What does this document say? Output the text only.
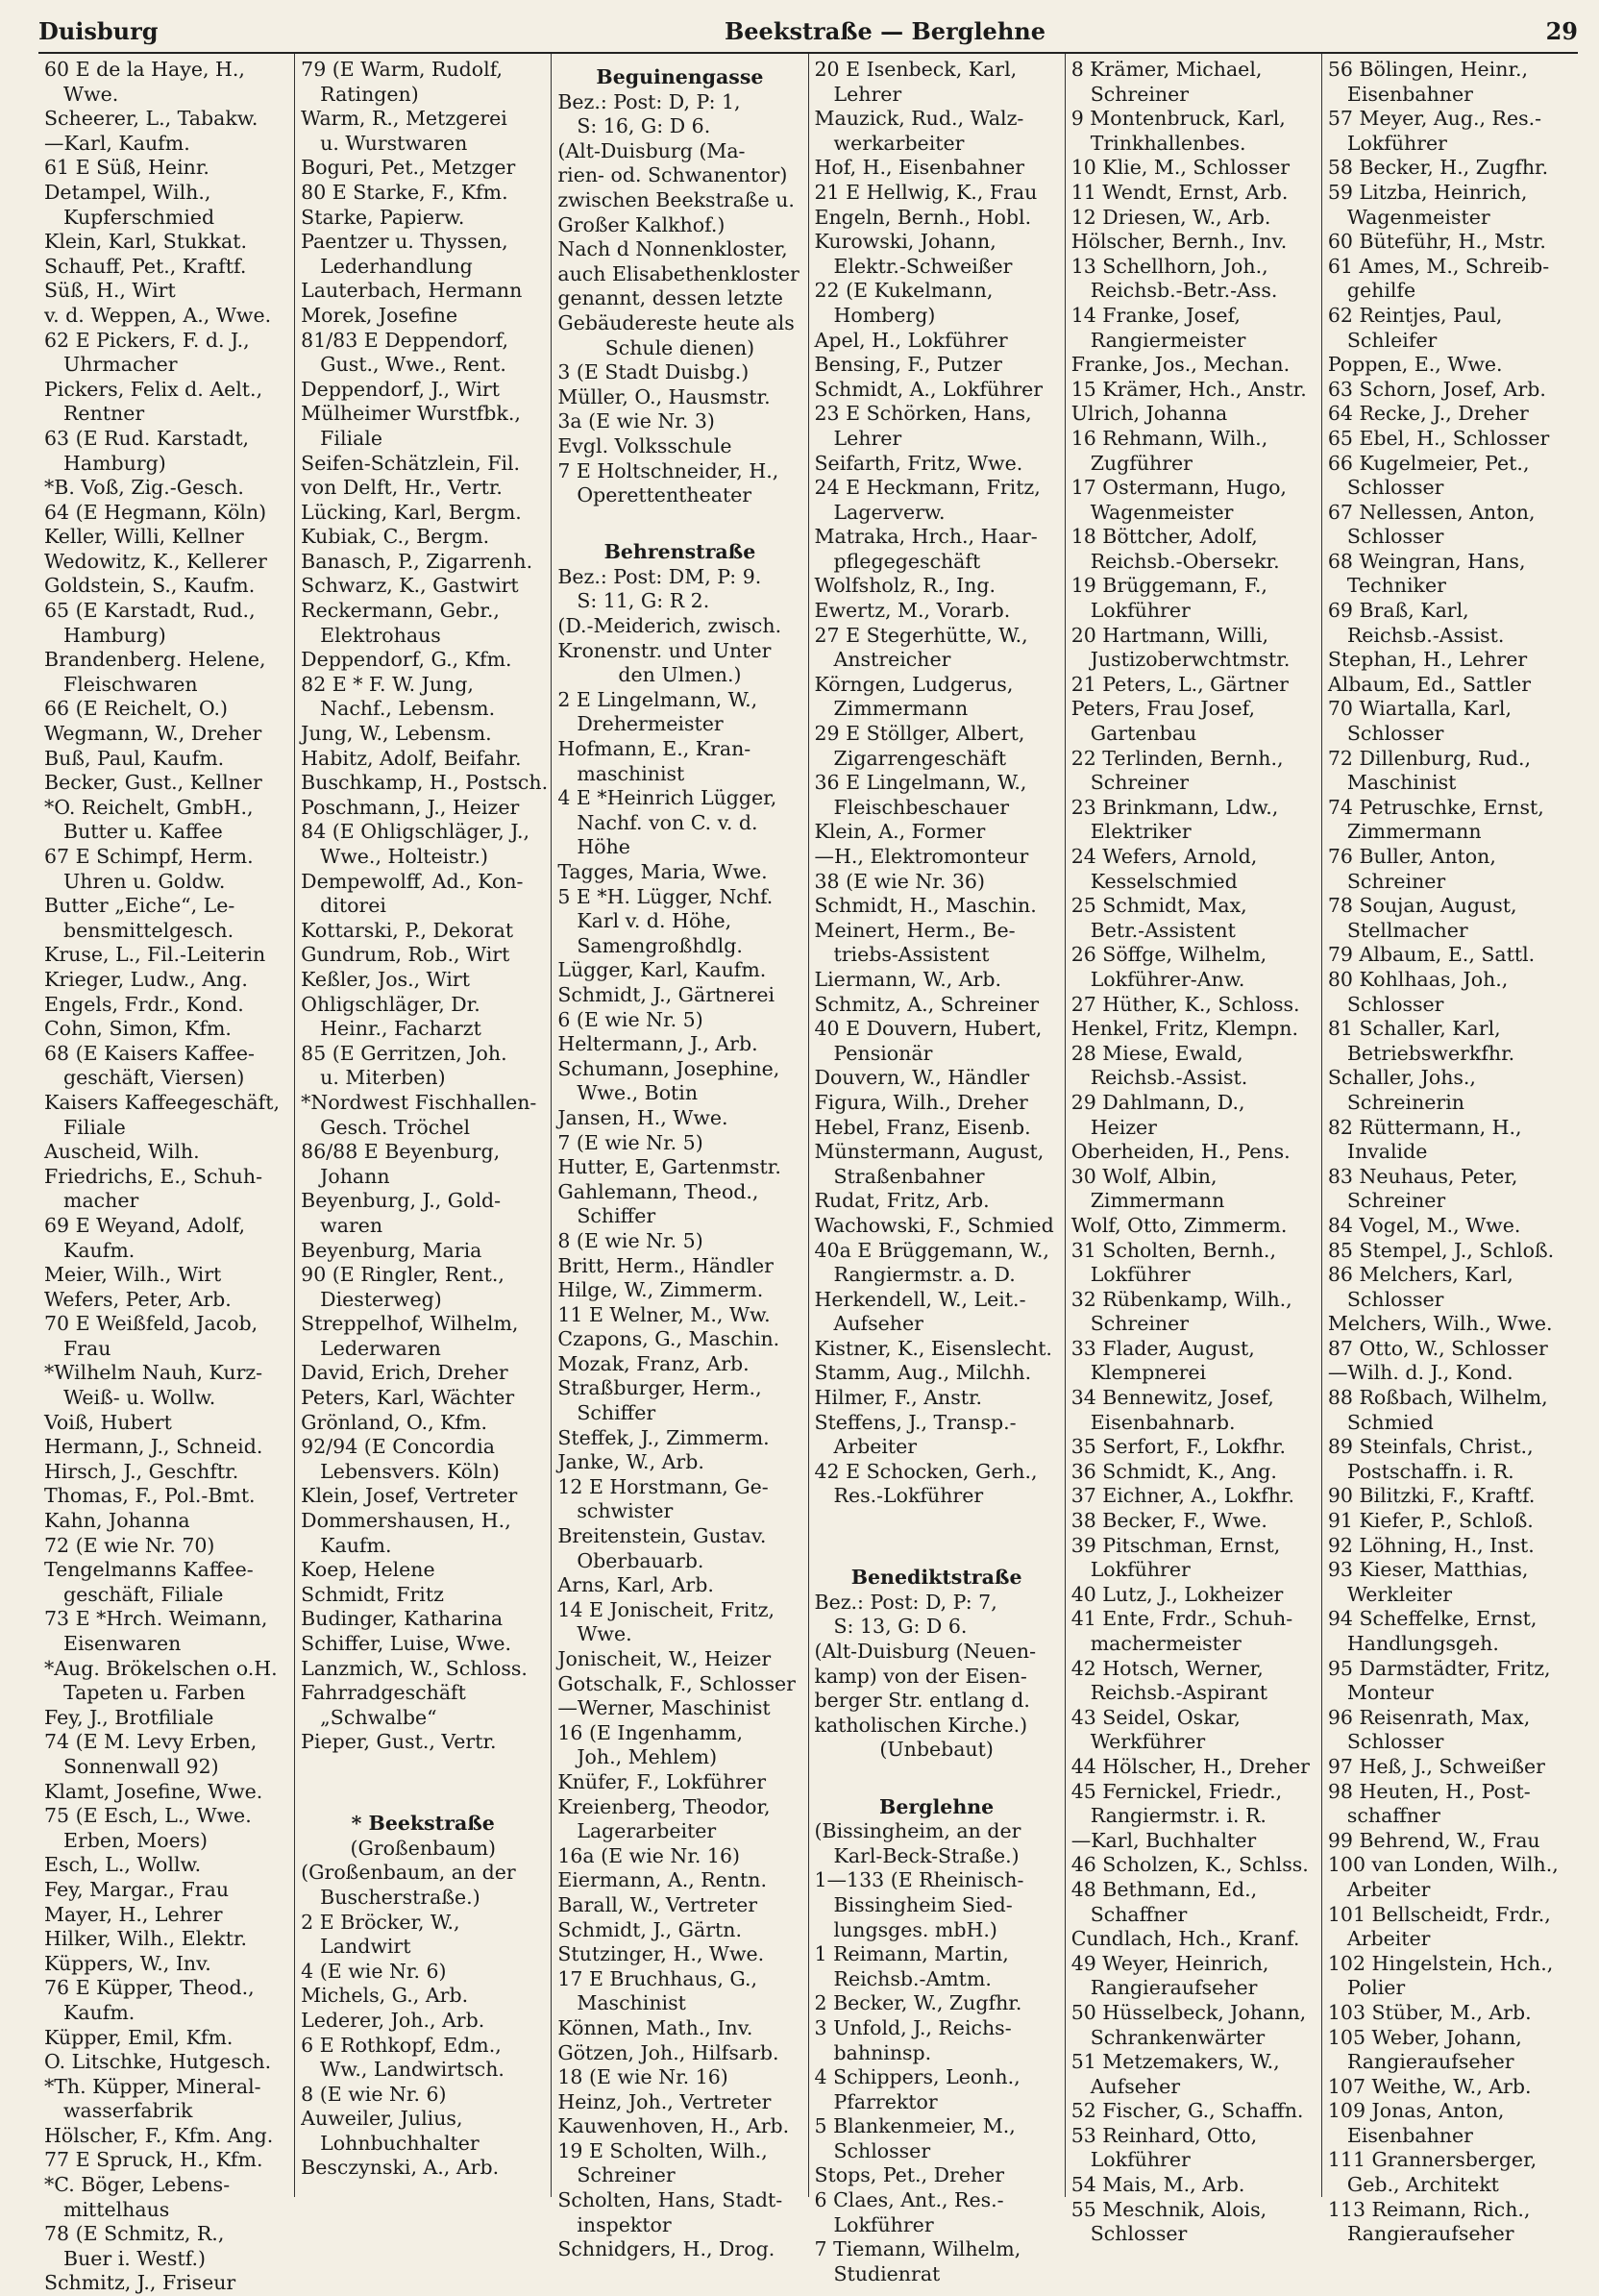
Duisburg	Beekstraße — Berglehne	29
60 E de la Haye, H.,
Wwe.
Scheerer, L., Tabakw.
—Karl, Kaufm.
61 E Süß, Heinr.
Detampel, Wilh.,
Kupferschmied
Klein, Karl, Stukkat.
Schauff, Pet., Kraftf.
Süß, H., Wirt
v. d. Weppen, A., Wwe.
62 E Pickers, F. d. J.,
Uhrmacher
Pickers, Felix d. Aelt.,
Rentner
63 (E Rud. Karstadt,
Hamburg)
*B. Voß, Zig.-Gesch.
64 (E Hegmann, Köln)
Keller, Willi, Kellner
Wedowitz, K., Kellerer
Goldstein, S., Kaufm.
65 (E Karstadt, Rud.,
Hamburg)
Brandenberg. Helene,
Fleischwaren
66 (E Reichelt, O.)
Wegmann, W., Dreher
Buß, Paul, Kaufm.
Becker, Gust., Kellner
*O. Reichelt, GmbH.,
Butter u. Kaffee
67 E Schimpf, Herm.
Uhren u. Goldw.
Butter „Eiche“, Le-
bensmittelgesch.
Kruse, L., Fil.-Leiterin
Krieger, Ludw., Ang.
Engels, Frdr., Kond.
Cohn, Simon, Kfm.
68 (E Kaisers Kaffee-
geschäft, Viersen)
Kaisers Kaffeegeschäft,
Filiale
Auscheid, Wilh.
Friedrichs, E., Schuh-
macher
69 E Weyand, Adolf,
Kaufm.
Meier, Wilh., Wirt
Wefers, Peter, Arb.
70 E Weißfeld, Jacob,
Frau
*Wilhelm Nauh, Kurz-
Weiß- u. Wollw.
Voiß, Hubert
Hermann, J., Schneid.
Hirsch, J., Geschftr.
Thomas, F., Pol.-Bmt.
Kahn, Johanna
72 (E wie Nr. 70)
Tengelmanns Kaffee-
geschäft, Filiale
73 E *Hrch. Weimann,
Eisenwaren
*Aug. Brökelschen o.H.
Tapeten u. Farben
Fey, J., Brotfiliale
74 (E M. Levy Erben,
Sonnenwall 92)
Klamt, Josefine, Wwe.
75 (E Esch, L., Wwe.
Erben, Moers)
Esch, L., Wollw.
Fey, Margar., Frau
Mayer, H., Lehrer
Hilker, Wilh., Elektr.
Küppers, W., Inv.
76 E Küpper, Theod.,
Kaufm.
Küpper, Emil, Kfm.
O. Litschke, Hutgesch.
*Th. Küpper, Mineral-
wasserfabrik
Hölscher, F., Kfm. Ang.
77 E Spruck, H., Kfm.
*C. Böger, Lebens-
mittelhaus
78 (E Schmitz, R.,
Buer i. Westf.)
Schmitz, J., Friseur
79 (E Warm, Rudolf,
Ratingen)
Warm, R., Metzgerei
u. Wurstwaren
Boguri, Pet., Metzger
80 E Starke, F., Kfm.
Starke, Papierw.
Paentzer u. Thyssen,
Lederhandlung
Lauterbach, Hermann
Morek, Josefine
81/83 E Deppendorf,
Gust., Wwe., Rent.
Deppendorf, J., Wirt
Mülheimer Wurstfbk.,
Filiale
Seifen-Schätzlein, Fil.
von Delft, Hr., Vertr.
Lücking, Karl, Bergm.
Kubiak, C., Bergm.
Banasch, P., Zigarrenh.
Schwarz, K., Gastwirt
Reckermann, Gebr.,
Elektrohaus
Deppendorf, G., Kfm.
82 E * F. W. Jung,
Nachf., Lebensm.
Jung, W., Lebensm.
Habitz, Adolf, Beifahr.
Buschkamp, H., Postsch.
Poschmann, J., Heizer
84 (E Ohligschläger, J.,
Wwe., Holteistr.)
Dempewolff, Ad., Kon-
ditorei
Kottarski, P., Dekorat
Gundrum, Rob., Wirt
Keßler, Jos., Wirt
Ohligschläger, Dr.
Heinr., Facharzt
85 (E Gerritzen, Joh.
u. Miterben)
*Nordwest Fischhallen-
Gesch. Tröchel
86/88 E Beyenburg,
Johann
Beyenburg, J., Gold-
waren
Beyenburg, Maria
90 (E Ringler, Rent.,
Diesterweg)
Streppelhof, Wilhelm,
Lederwaren
David, Erich, Dreher
Peters, Karl, Wächter
Grönland, O., Kfm.
92/94 (E Concordia
Lebensvers. Köln)
Klein, Josef, Vertreter
Dommershausen, H.,
Kaufm.
Koep, Helene
Schmidt, Fritz
Budinger, Katharina
Schiffer, Luise, Wwe.
Lanzmich, W., Schloss.
Fahrradgeschäft
„Schwalbe“
Pieper, Gust., Vertr.

* Beekstraße
(Großenbaum)
(Großenbaum, an der
Buscherstraße.)
2 E Bröcker, W.,
Landwirt
4 (E wie Nr. 6)
Michels, G., Arb.
Lederer, Joh., Arb.
6 E Rothkopf, Edm.,
Ww., Landwirtsch.
8 (E wie Nr. 6)
Auweiler, Julius,
Lohnbuchhalter
Besczynski, A., Arb.
Beguinengasse
Bez.: Post: D, P: 1,
S: 16, G: D 6.
(Alt-Duisburg (Ma-
rien- od. Schwanentor)
zwischen Beekstraße u.
Großer Kalkhof.)
Nach d Nonnenkloster,
auch Elisabethenkloster
genannt, dessen letzte
Gebäudereste heute als
Schule dienen)
3 (E Stadt Duisbg.)
Müller, O., Hausmstr.
3a (E wie Nr. 3)
Evgl. Volksschule
7 E Holtschneider, H.,
Operettentheater

Behrenstraße
Bez.: Post: DM, P: 9.
S: 11, G: R 2.
(D.-Meiderich, zwisch.
Kronenstr. und Unter
den Ulmen.)
2 E Lingelmann, W.,
Drehermeister
Hofmann, E., Kran-
maschinist
4 E *Heinrich Lügger,
Nachf. von C. v. d.
Höhe
Tagges, Maria, Wwe.
5 E *H. Lügger, Nchf.
Karl v. d. Höhe,
Samengroßhdlg.
Lügger, Karl, Kaufm.
Schmidt, J., Gärtnerei
6 (E wie Nr. 5)
Heltermann, J., Arb.
Schumann, Josephine,
Wwe., Botin
Jansen, H., Wwe.
7 (E wie Nr. 5)
Hutter, E, Gartenmstr.
Gahlemann, Theod.,
Schiffer
8 (E wie Nr. 5)
Britt, Herm., Händler
Hilge, W., Zimmerm.
11 E Welner, M., Ww.
Czapons, G., Maschin.
Mozak, Franz, Arb.
Straßburger, Herm.,
Schiffer
Steffek, J., Zimmerm.
Janke, W., Arb.
12 E Horstmann, Ge-
schwister
Breitenstein, Gustav.
Oberbauarb.
Arns, Karl, Arb.
14 E Jonischeit, Fritz,
Wwe.
Jonischeit, W., Heizer
Gotschalk, F., Schlosser
—Werner, Maschinist
16 (E Ingenhamm,
Joh., Mehlem)
Knüfer, F., Lokführer
Kreienberg, Theodor,
Lagerarbeiter
16a (E wie Nr. 16)
Eiermann, A., Rentn.
Barall, W., Vertreter
Schmidt, J., Gärtn.
Stutzinger, H., Wwe.
17 E Bruchhaus, G.,
Maschinist
Können, Math., Inv.
Götzen, Joh., Hilfsarb.
18 (E wie Nr. 16)
Heinz, Joh., Vertreter
Kauwenhoven, H., Arb.
19 E Scholten, Wilh.,
Schreiner
Scholten, Hans, Stadt-
inspektor
Schnidgers, H., Drog.
20 E Isenbeck, Karl,
Lehrer
Mauzick, Rud., Walz-
werkarbeiter
Hof, H., Eisenbahner
21 E Hellwig, K., Frau
Engeln, Bernh., Hobl.
Kurowski, Johann,
Elektr.-Schweißer
22 (E Kukelmann,
Homberg)
Apel, H., Lokführer
Bensing, F., Putzer
Schmidt, A., Lokführer
23 E Schörken, Hans,
Lehrer
Seifarth, Fritz, Wwe.
24 E Heckmann, Fritz,
Lagerverw.
Matraka, Hrch., Haar-
pflegegeschäft
Wolfsholz, R., Ing.
Ewertz, M., Vorarb.
27 E Stegerhütte, W.,
Anstreicher
Körngen, Ludgerus,
Zimmermann
29 E Stöllger, Albert,
Zigarrengeschäft
36 E Lingelmann, W.,
Fleischbeschauer
Klein, A., Former
—H., Elektromonteur
38 (E wie Nr. 36)
Schmidt, H., Maschin.
Meinert, Herm., Be-
triebs-Assistent
Liermann, W., Arb.
Schmitz, A., Schreiner
40 E Douvern, Hubert,
Pensionär
Douvern, W., Händler
Figura, Wilh., Dreher
Hebel, Franz, Eisenb.
Münstermann, August,
Straßenbahner
Rudat, Fritz, Arb.
Wachowski, F., Schmied
40a E Brüggemann, W.,
Rangiermstr. a. D.
Herkendell, W., Leit.-
Aufseher
Kistner, K., Eisenslecht.
Stamm, Aug., Milchh.
Hilmer, F., Anstr.
Steffens, J., Transp.-
Arbeiter
42 E Schocken, Gerh.,
Res.-Lokführer

Benediktstraße
Bez.: Post: D, P: 7,
S: 13, G: D 6.
(Alt-Duisburg (Neuen-
kamp) von der Eisen-
berger Str. entlang d.
katholischen Kirche.)
(Unbebaut)

Berglehne
(Bissingheim, an der
Karl-Beck-Straße.)
1—133 (E Rheinisch-
Bissingheim Sied-
lungsges. mbH.)
1 Reimann, Martin,
Reichsb.-Amtm.
2 Becker, W., Zugfhr.
3 Unfold, J., Reichs-
bahninsp.
4 Schippers, Leonh.,
Pfarrektor
5 Blankenmeier, M.,
Schlosser
Stops, Pet., Dreher
6 Claes, Ant., Res.-
Lokführer
7 Tiemann, Wilhelm,
Studienrat
8 Krämer, Michael,
Schreiner
9 Montenbruck, Karl,
Trinkhallenbes.
10 Klie, M., Schlosser
11 Wendt, Ernst, Arb.
12 Driesen, W., Arb.
Hölscher, Bernh., Inv.
13 Schellhorn, Joh.,
Reichsb.-Betr.-Ass.
14 Franke, Josef,
Rangiermeister
Franke, Jos., Mechan.
15 Krämer, Hch., Anstr.
Ulrich, Johanna
16 Rehmann, Wilh.,
Zugführer
17 Ostermann, Hugo,
Wagenmeister
18 Böttcher, Adolf,
Reichsb.-Obersekr.
19 Brüggemann, F.,
Lokführer
20 Hartmann, Willi,
Justizoberwchtmstr.
21 Peters, L., Gärtner
Peters, Frau Josef,
Gartenbau
22 Terlinden, Bernh.,
Schreiner
23 Brinkmann, Ldw.,
Elektriker
24 Wefers, Arnold,
Kesselschmied
25 Schmidt, Max,
Betr.-Assistent
26 Söffge, Wilhelm,
Lokführer-Anw.
27 Hüther, K., Schloss.
Henkel, Fritz, Klempn.
28 Miese, Ewald,
Reichsb.-Assist.
29 Dahlmann, D.,
Heizer
Oberheiden, H., Pens.
30 Wolf, Albin,
Zimmermann
Wolf, Otto, Zimmerm.
31 Scholten, Bernh.,
Lokführer
32 Rübenkamp, Wilh.,
Schreiner
33 Flader, August,
Klempnerei
34 Bennewitz, Josef,
Eisenbahnarb.
35 Serfort, F., Lokfhr.
36 Schmidt, K., Ang.
37 Eichner, A., Lokfhr.
38 Becker, F., Wwe.
39 Pitschman, Ernst,
Lokführer
40 Lutz, J., Lokheizer
41 Ente, Frdr., Schuh-
machermeister
42 Hotsch, Werner,
Reichsb.-Aspirant
43 Seidel, Oskar,
Werkführer
44 Hölscher, H., Dreher
45 Fernickel, Friedr.,
Rangiermstr. i. R.
—Karl, Buchhalter
46 Scholzen, K., Schlss.
48 Bethmann, Ed.,
Schaffner
Cundlach, Hch., Kranf.
49 Weyer, Heinrich,
Rangieraufseher
50 Hüsselbeck, Johann,
Schrankenwärter
51 Metzemakers, W.,
Aufseher
52 Fischer, G., Schaffn.
53 Reinhard, Otto,
Lokführer
54 Mais, M., Arb.
55 Meschnik, Alois,
Schlosser
56 Bölingen, Heinr.,
Eisenbahner
57 Meyer, Aug., Res.-
Lokführer
58 Becker, H., Zugfhr.
59 Litzba, Heinrich,
Wagenmeister
60 Büteführ, H., Mstr.
61 Ames, M., Schreib-
gehilfe
62 Reintjes, Paul,
Schleifer
Poppen, E., Wwe.
63 Schorn, Josef, Arb.
64 Recke, J., Dreher
65 Ebel, H., Schlosser
66 Kugelmeier, Pet.,
Schlosser
67 Nellessen, Anton,
Schlosser
68 Weingran, Hans,
Techniker
69 Braß, Karl,
Reichsb.-Assist.
Stephan, H., Lehrer
Albaum, Ed., Sattler
70 Wiartalla, Karl,
Schlosser
72 Dillenburg, Rud.,
Maschinist
74 Petruschke, Ernst,
Zimmermann
76 Buller, Anton,
Schreiner
78 Soujan, August,
Stellmacher
79 Albaum, E., Sattl.
80 Kohlhaas, Joh.,
Schlosser
81 Schaller, Karl,
Betriebswerkfhr.
Schaller, Johs.,
Schreinerin
82 Rüttermann, H.,
Invalide
83 Neuhaus, Peter,
Schreiner
84 Vogel, M., Wwe.
85 Stempel, J., Schloß.
86 Melchers, Karl,
Schlosser
Melchers, Wilh., Wwe.
87 Otto, W., Schlosser
—Wilh. d. J., Kond.
88 Roßbach, Wilhelm,
Schmied
89 Steinfals, Christ.,
Postschaffn. i. R.
90 Bilitzki, F., Kraftf.
91 Kiefer, P., Schloß.
92 Löhning, H., Inst.
93 Kieser, Matthias,
Werkleiter
94 Scheffelke, Ernst,
Handlungsgeh.
95 Darmstädter, Fritz,
Monteur
96 Reisenrath, Max,
Schlosser
97 Heß, J., Schweißer
98 Heuten, H., Post-
schaffner
99 Behrend, W., Frau
100 van Londen, Wilh.,
Arbeiter
101 Bellscheidt, Frdr.,
Arbeiter
102 Hingelstein, Hch.,
Polier
103 Stüber, M., Arb.
105 Weber, Johann,
Rangieraufseher
107 Weithe, W., Arb.
109 Jonas, Anton,
Eisenbahner
111 Grannersberger,
Geb., Architekt
113 Reimann, Rich.,
Rangieraufseher
